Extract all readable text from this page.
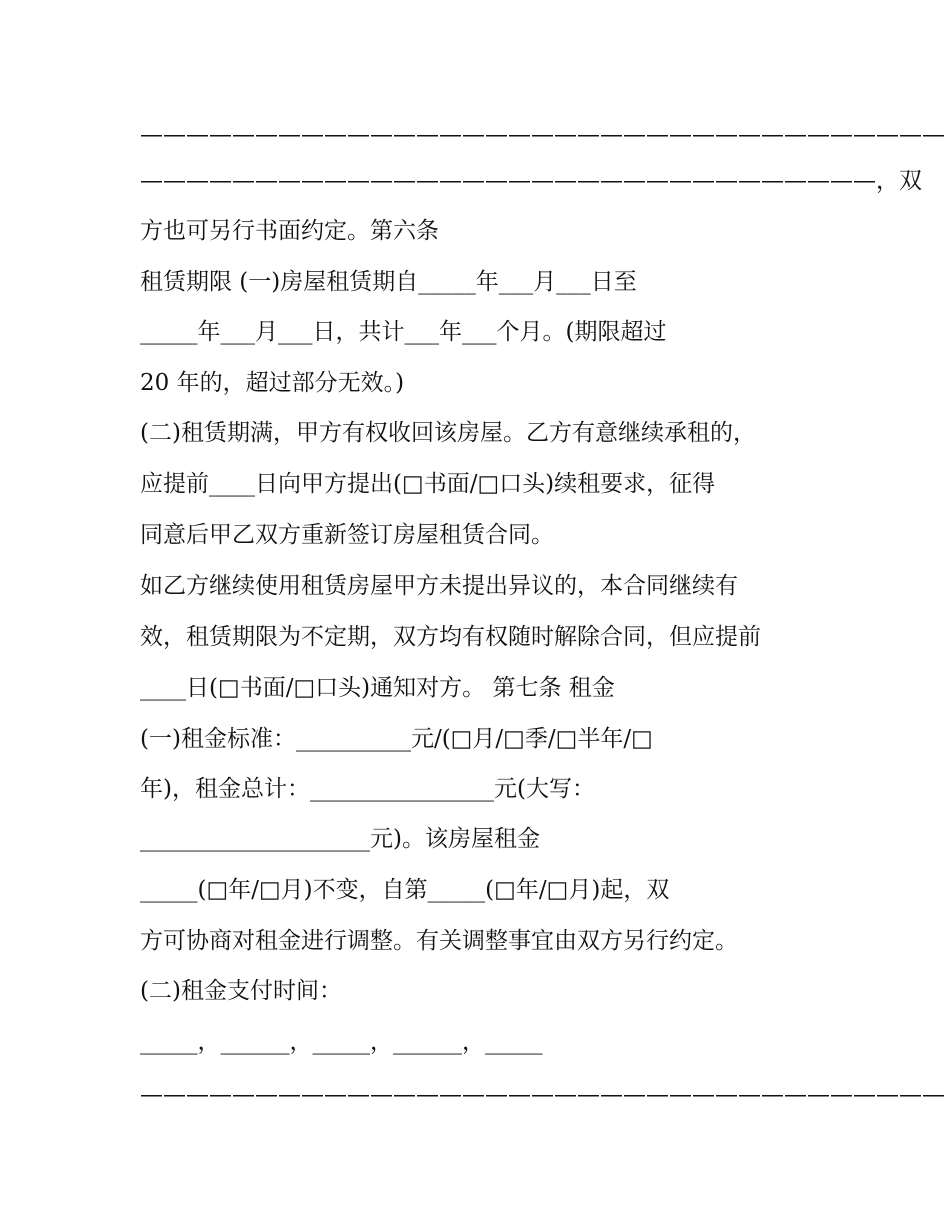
———————————————————————————————————
————————————————————————————————，双
方也可另行书面约定。第六条
租赁期限 (一)房屋租赁期自_____年___月___日至
_____年___月___日，共计___年___个月。(期限超过
20 年的，超过部分无效。)
(二)租赁期满，甲方有权收回该房屋。乙方有意继续承租的，
应提前____日向甲方提出(□书面/□口头)续租要求，征得
同意后甲乙双方重新签订房屋租赁合同。
如乙方继续使用租赁房屋甲方未提出异议的，本合同继续有
效，租赁期限为不定期，双方均有权随时解除合同，但应提前
____日(□书面/□口头)通知对方。 第七条 租金
(一)租金标准：__________元/(□月/□季/□半年/□
年)，租金总计：________________元(大写：
____________________元)。该房屋租金
_____(□年/□月)不变，自第_____(□年/□月)起，双
方可协商对租金进行调整。有关调整事宜由双方另行约定。
(二)租金支付时间：
_____，______，_____，______，_____
———————————————————————————————————
